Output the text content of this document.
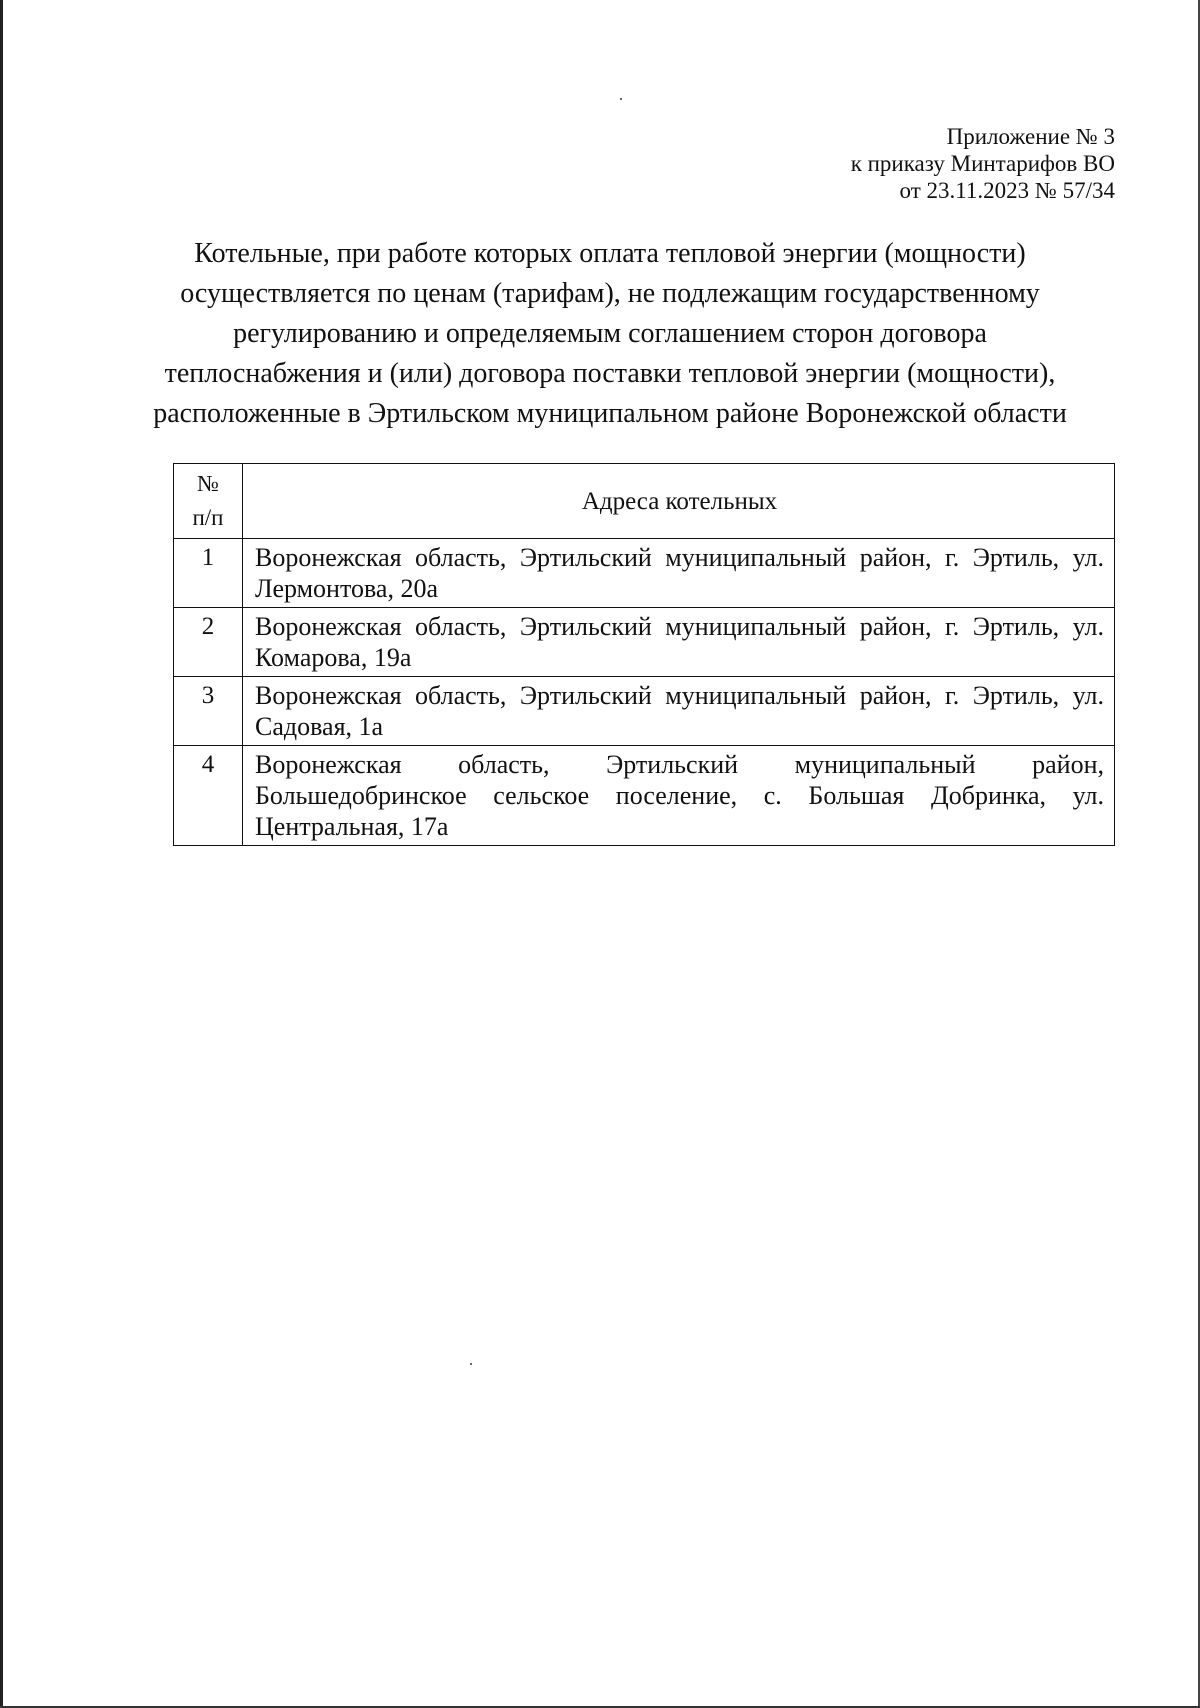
Приложение № 3
к приказу Минтарифов ВО
от 23.11.2023 № 57/34
Котельные, при работе которых оплата тепловой энергии (мощности)
осуществляется по ценам (тарифам), не подлежащим государственному
регулированию и определяемым соглашением сторон договора
теплоснабжения и (или) договора поставки тепловой энергии (мощности),
расположенные в Эртильском муниципальном районе Воронежской области
№
п/п	Адреса котельных
1	Воронежская область, Эртильский муниципальный район, г. Эртиль, ул. Лермонтова, 20а
2	Воронежская область, Эртильский муниципальный район, г. Эртиль, ул. Комарова, 19а
3	Воронежская область, Эртильский муниципальный район, г. Эртиль, ул. Садовая, 1а
4	Воронежская область, Эртильский муниципальный район, Большедобринское сельское поселение, с. Большая Добринка, ул. Центральная, 17а
